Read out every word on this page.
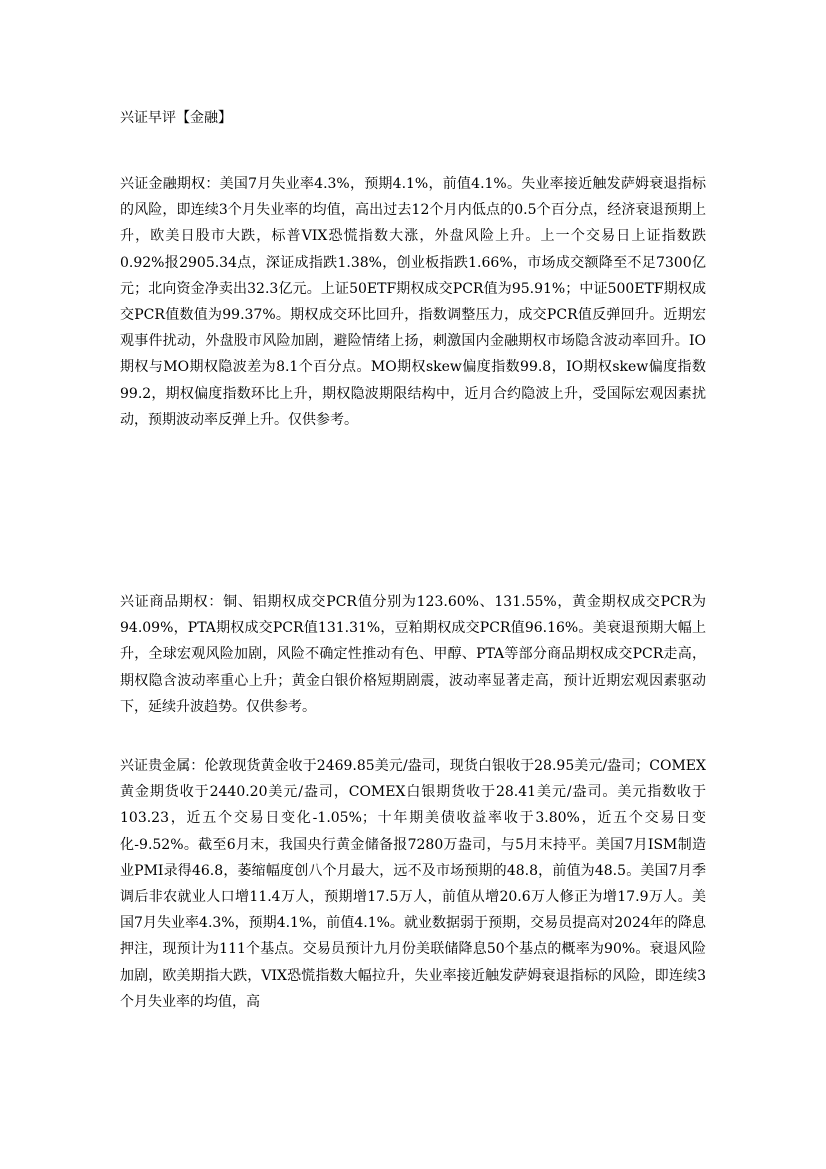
兴证早评【金融】

兴证金融期权：美国7月失业率4.3%，预期4.1%，前值4.1%。失业率接近触发萨姆衰退指标的风险，即连续3个月失业率的均值，高出过去12个月内低点的0.5个百分点，经济衰退预期上升，欧美日股市大跌，标普VIX恐慌指数大涨，外盘风险上升。上一个交易日上证指数跌0.92%报2905.34点，深证成指跌1.38%，创业板指跌1.66%，市场成交额降至不足7300亿元；北向资金净卖出32.3亿元。上证50ETF期权成交PCR值为95.91%；中证500ETF期权成交PCR值数值为99.37%。期权成交环比回升，指数调整压力，成交PCR值反弹回升。近期宏观事件扰动，外盘股市风险加剧，避险情绪上扬，刺激国内金融期权市场隐含波动率回升。IO期权与MO期权隐波差为8.1个百分点。MO期权skew偏度指数99.8，IO期权skew偏度指数99.2，期权偏度指数环比上升，期权隐波期限结构中，近月合约隐波上升，受国际宏观因素扰动，预期波动率反弹上升。仅供参考。

兴证商品期权：铜、铝期权成交PCR值分别为123.60%、131.55%，黄金期权成交PCR为94.09%，PTA期权成交PCR值131.31%，豆粕期权成交PCR值96.16%。美衰退预期大幅上升，全球宏观风险加剧，风险不确定性推动有色、甲醇、PTA等部分商品期权成交PCR走高，期权隐含波动率重心上升；黄金白银价格短期剧震，波动率显著走高，预计近期宏观因素驱动下，延续升波趋势。仅供参考。

兴证贵金属：伦敦现货黄金收于2469.85美元/盎司，现货白银收于28.95美元/盎司；COMEX黄金期货收于2440.20美元/盎司，COMEX白银期货收于28.41美元/盎司。美元指数收于103.23，近五个交易日变化-1.05%；十年期美债收益率收于3.80%，近五个交易日变化-9.52%。截至6月末，我国央行黄金储备报7280万盎司，与5月末持平。美国7月ISM制造业PMI录得46.8，萎缩幅度创八个月最大，远不及市场预期的48.8，前值为48.5。美国7月季调后非农就业人口增11.4万人，预期增17.5万人，前值从增20.6万人修正为增17.9万人。美国7月失业率4.3%，预期4.1%，前值4.1%。就业数据弱于预期，交易员提高对2024年的降息押注，现预计为111个基点。交易员预计九月份美联储降息50个基点的概率为90%。衰退风险加剧，欧美期指大跌，VIX恐慌指数大幅拉升，失业率接近触发萨姆衰退指标的风险，即连续3个月失业率的均值，高
